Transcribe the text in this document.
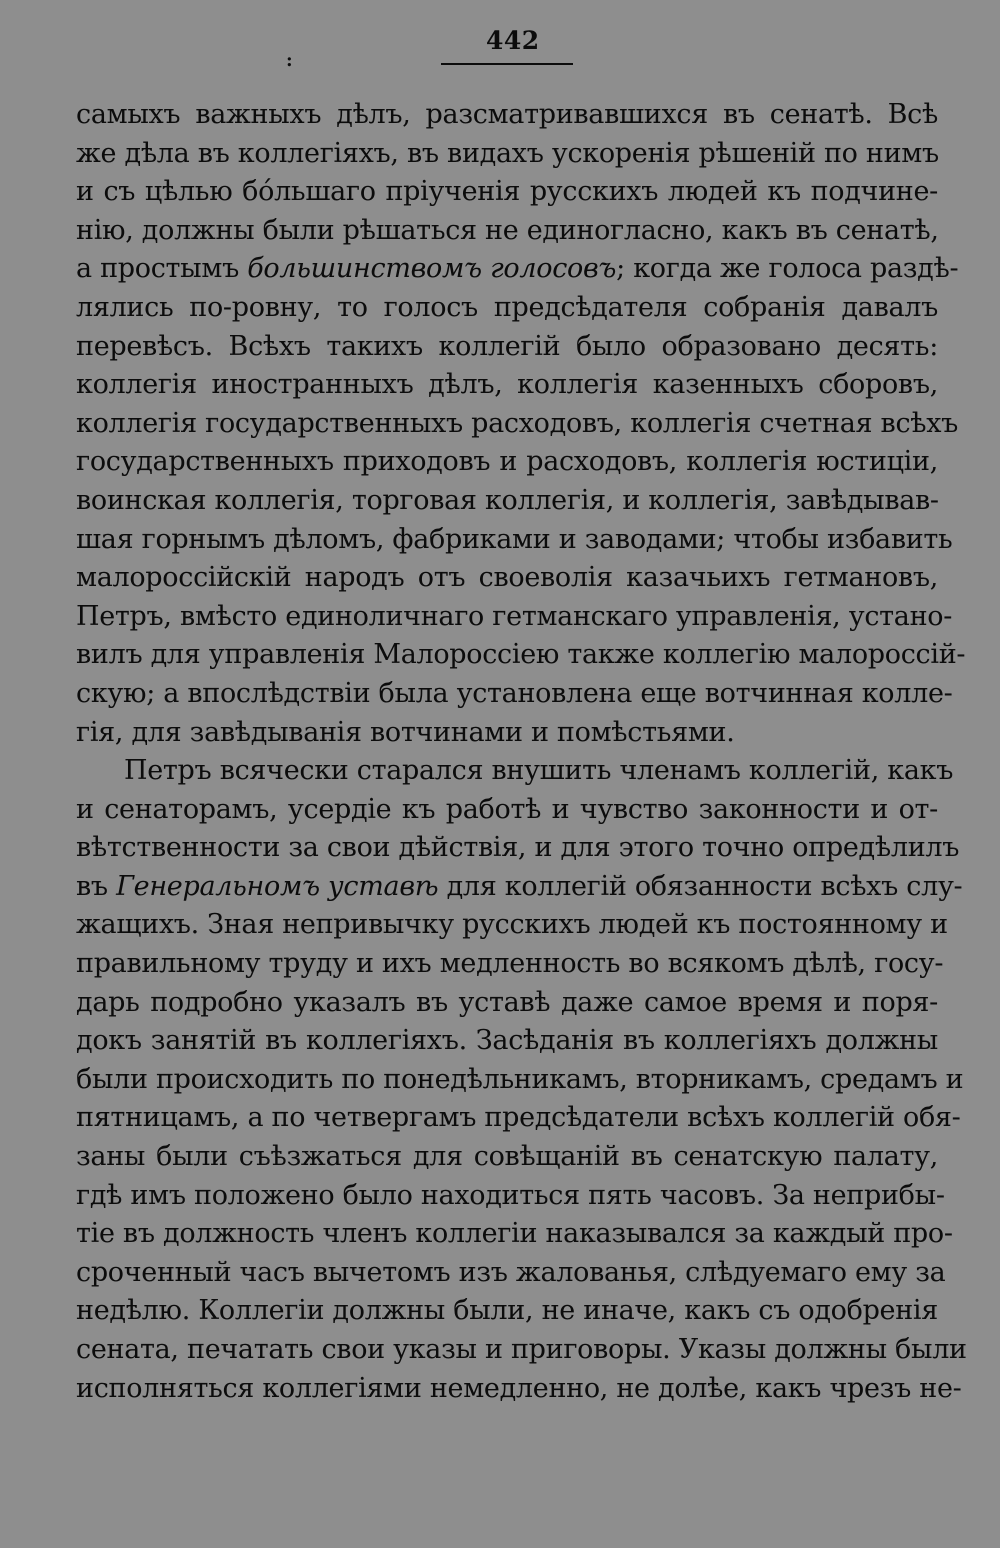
:
442
самыхъ важныхъ дѣлъ, разсматривавшихся въ сенатѣ. Всѣ
же дѣла въ коллегіяхъ, въ видахъ ускоренія рѣшеній по нимъ
и съ цѣлью бóльшаго пріученія русскихъ людей къ подчине-
нію, должны были рѣшаться не единогласно, какъ въ сенатѣ,
а простымъ большинствомъ голосовъ; когда же голоса раздѣ-
лялись по-ровну, то голосъ предсѣдателя собранія давалъ
перевѣсъ. Всѣхъ такихъ коллегій было образовано десять:
коллегія иностранныхъ дѣлъ, коллегія казенныхъ сборовъ,
коллегія государственныхъ расходовъ, коллегія счетная всѣхъ
государственныхъ приходовъ и расходовъ, коллегія юстиціи,
воинская коллегія, торговая коллегія, и коллегія, завѣдывав-
шая горнымъ дѣломъ, фабриками и заводами; чтобы избавить
малороссійскій народъ отъ своеволія казачьихъ гетмановъ,
Петръ, вмѣсто единоличнаго гетманскаго управленія, устано-
вилъ для управленія Малороссіею также коллегію малороссій-
скую; а впослѣдствіи была установлена еще вотчинная колле-
гія, для завѣдыванія вотчинами и помѣстьями.
Петръ всячески старался внушить членамъ коллегій, какъ
и сенаторамъ, усердіе къ работѣ и чувство законности и от-
вѣтственности за свои дѣйствія, и для этого точно опредѣлилъ
въ Генеральномъ уставѣ для коллегій обязанности всѣхъ слу-
жащихъ. Зная непривычку русскихъ людей къ постоянному и
правильному труду и ихъ медленность во всякомъ дѣлѣ, госу-
дарь подробно указалъ въ уставѣ даже самое время и поря-
докъ занятій въ коллегіяхъ. Засѣданія въ коллегіяхъ должны
были происходить по понедѣльникамъ, вторникамъ, средамъ и
пятницамъ, а по четвергамъ предсѣдатели всѣхъ коллегій обя-
заны были съѣзжаться для совѣщаній въ сенатскую палату,
гдѣ имъ положено было находиться пять часовъ. За неприбы-
тіе въ должность членъ коллегіи наказывался за каждый про-
сроченный часъ вычетомъ изъ жалованья, слѣдуемаго ему за
недѣлю. Коллегіи должны были, не иначе, какъ съ одобренія
сената, печатать свои указы и приговоры. Указы должны были
исполняться коллегіями немедленно, не долѣе, какъ чрезъ не-
